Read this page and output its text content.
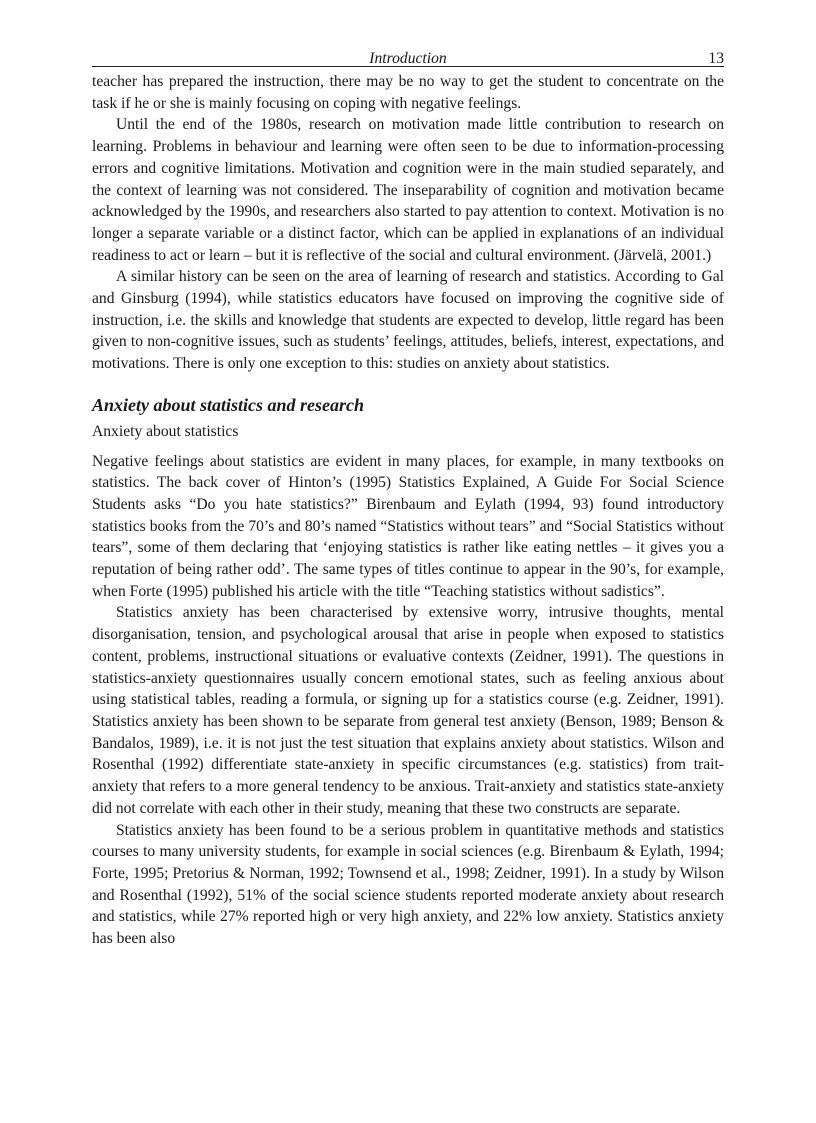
Introduction	13

teacher has prepared the instruction, there may be no way to get the student to concentrate on the task if he or she is mainly focusing on coping with negative feelings.

Until the end of the 1980s, research on motivation made little contribution to research on learning. Problems in behaviour and learning were often seen to be due to information-processing errors and cognitive limitations. Motivation and cognition were in the main studied separately, and the context of learning was not considered. The inseparability of cognition and motivation became acknowledged by the 1990s, and researchers also started to pay attention to context. Motivation is no longer a separate variable or a distinct factor, which can be applied in explanations of an individual readiness to act or learn – but it is reflective of the social and cultural environment. (Järvelä, 2001.)

A similar history can be seen on the area of learning of research and statistics. According to Gal and Ginsburg (1994), while statistics educators have focused on improving the cognitive side of instruction, i.e. the skills and knowledge that students are expected to develop, little regard has been given to non-cognitive issues, such as students’ feelings, attitudes, beliefs, interest, expectations, and motivations. There is only one exception to this: studies on anxiety about statistics.

Anxiety about statistics and research
Anxiety about statistics

Negative feelings about statistics are evident in many places, for example, in many textbooks on statistics. The back cover of Hinton’s (1995) Statistics Explained, A Guide For Social Science Students asks “Do you hate statistics?” Birenbaum and Eylath (1994, 93) found introductory statistics books from the 70’s and 80’s named “Statistics without tears” and “Social Statistics without tears”, some of them declaring that ‘enjoying statistics is rather like eating nettles – it gives you a reputation of being rather odd’. The same types of titles continue to appear in the 90’s, for example, when Forte (1995) published his article with the title “Teaching statistics without sadistics”.

Statistics anxiety has been characterised by extensive worry, intrusive thoughts, mental disorganisation, tension, and psychological arousal that arise in people when exposed to statistics content, problems, instructional situations or evaluative contexts (Zeidner, 1991). The questions in statistics-anxiety questionnaires usually concern emotional states, such as feeling anxious about using statistical tables, reading a formula, or signing up for a statistics course (e.g. Zeidner, 1991). Statistics anxiety has been shown to be separate from general test anxiety (Benson, 1989; Benson & Bandalos, 1989), i.e. it is not just the test situation that explains anxiety about statistics. Wilson and Rosenthal (1992) differentiate state-anxiety in specific circumstances (e.g. statistics) from trait-anxiety that refers to a more general tendency to be anxious. Trait-anxiety and statistics state-anxiety did not correlate with each other in their study, meaning that these two constructs are separate.

Statistics anxiety has been found to be a serious problem in quantitative methods and statistics courses to many university students, for example in social sciences (e.g. Birenbaum & Eylath, 1994; Forte, 1995; Pretorius & Norman, 1992; Townsend et al., 1998; Zeidner, 1991). In a study by Wilson and Rosenthal (1992), 51% of the social science students reported moderate anxiety about research and statistics, while 27% reported high or very high anxiety, and 22% low anxiety. Statistics anxiety has been also
